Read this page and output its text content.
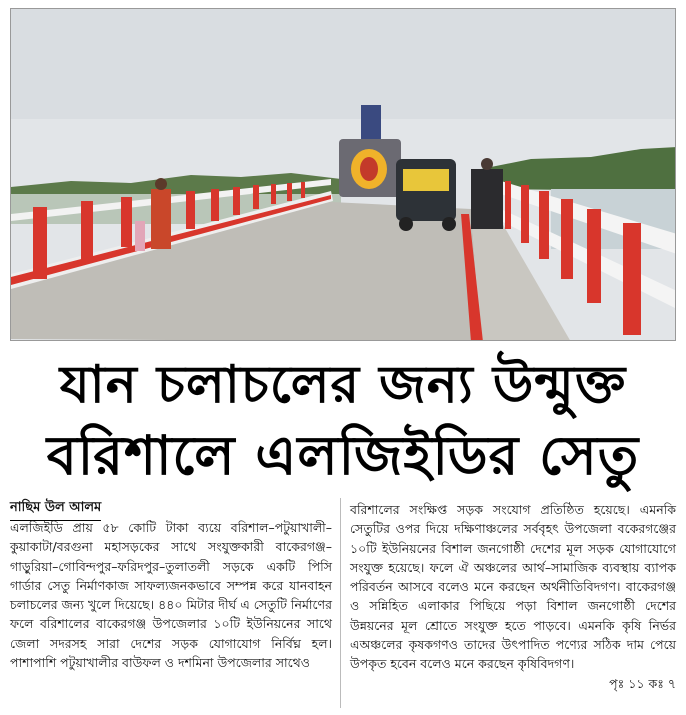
যান চলাচলের জন্য উন্মুক্ত
বরিশালে এলজিইডির সেতু
নাছিম উল আলম

এলজিইডি প্রায় ৫৮ কোটি টাকা ব্যয়ে বরিশাল–পটুয়াখালী–কুয়াকাটা/বরগুনা মহাসড়কের সাথে সংযুক্তকারী বাকেরগঞ্জ–গাড়ুরিয়া–গোবিন্দপুর–ফরিদপুর–তুলাতলী সড়কে একটি পিসি গার্ডার সেতু নির্মাণকাজ সাফল্যজনকভাবে সম্পন্ন করে যানবাহন চলাচলের জন্য খুলে দিয়েছে। ৪৪০ মিটার দীর্ঘ এ সেতুটি নির্মাণের ফলে বরিশালের বাকেরগঞ্জ উপজেলার ১০টি ইউনিয়নের সাথে জেলা সদরসহ সারা দেশের সড়ক যোগাযোগ নির্বিঘ্ন হল। পাশাপাশি পটুয়াখালীর বাউফল ও দশমিনা উপজেলার সাথেও

বরিশালের সংক্ষিপ্ত সড়ক সংযোগ প্রতিষ্ঠিত হয়েছে। এমনকি সেতুটির ওপর দিয়ে দক্ষিণাঞ্চলের সর্ববৃহৎ উপজেলা বকেরগঞ্জের ১০টি ইউনিয়নের বিশাল জনগোষ্ঠী দেশের মূল সড়ক যোগাযোগে সংযুক্ত হয়েছে। ফলে ঐ অঞ্চলের আর্থ–সামাজিক ব্যবস্থায় ব্যাপক পরিবর্তন আসবে বলেও মনে করছেন অর্থনীতিবিদগণ। বাকেরগঞ্জ ও সন্নিহিত এলাকার পিছিয়ে পড়া বিশাল জনগোষ্ঠী দেশের উন্নয়নের মূল শ্রোতে সংযুক্ত হতে পাড়বে। এমনকি কৃষি নির্ভর এঅঞ্চলের কৃষকগণও তাদের উৎপাদিত পণ্যের সঠিক দাম পেয়ে উপকৃত হবেন বলেও মনে করছেন কৃষিবিদগণ।

পৃঃ ১১ কঃ ৭
